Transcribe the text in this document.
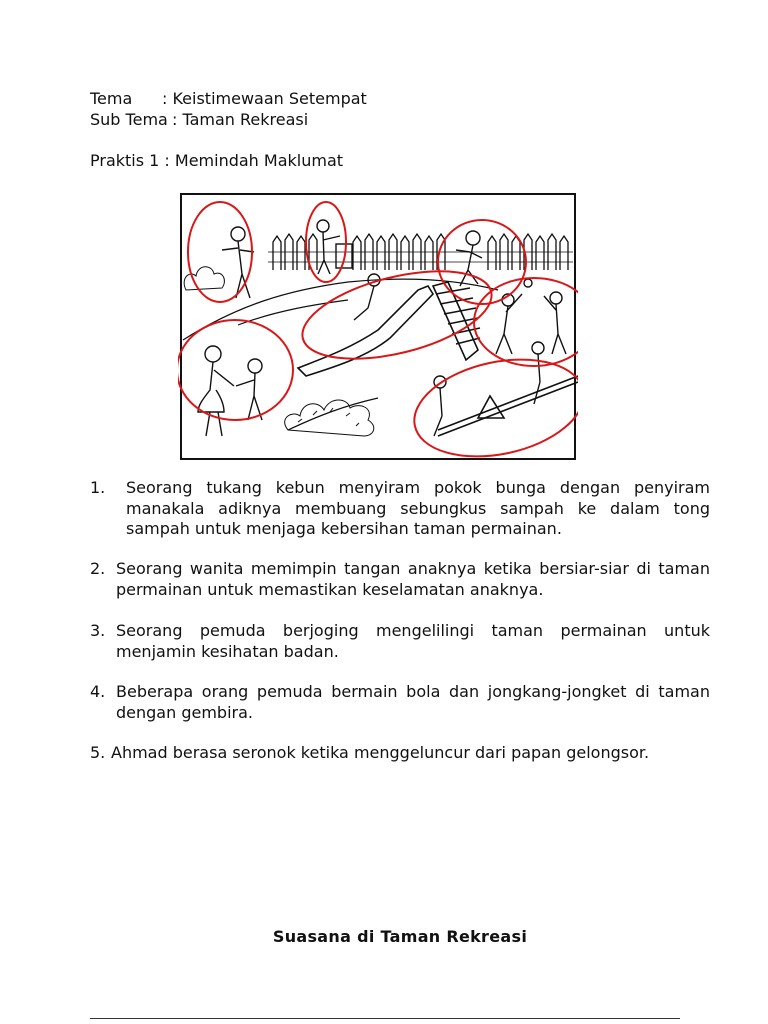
Tema : Keistimewaan Setempat
Sub Tema : Taman Rekreasi
Praktis 1 : Memindah Maklumat
1.	Seorang tukang kebun menyiram pokok bunga dengan penyiram manakala adiknya membuang sebungkus sampah ke dalam tong sampah untuk menjaga kebersihan taman permainan.
2. Seorang wanita memimpin tangan anaknya ketika bersiar-siar di taman permainan untuk memastikan keselamatan anaknya.
3. Seorang pemuda berjoging mengelilingi taman permainan untuk menjamin kesihatan badan.
4. Beberapa orang pemuda bermain bola dan jongkang-jongket di taman dengan gembira.
5. Ahmad berasa seronok ketika menggeluncur dari papan gelongsor.
Suasana di Taman Rekreasi
